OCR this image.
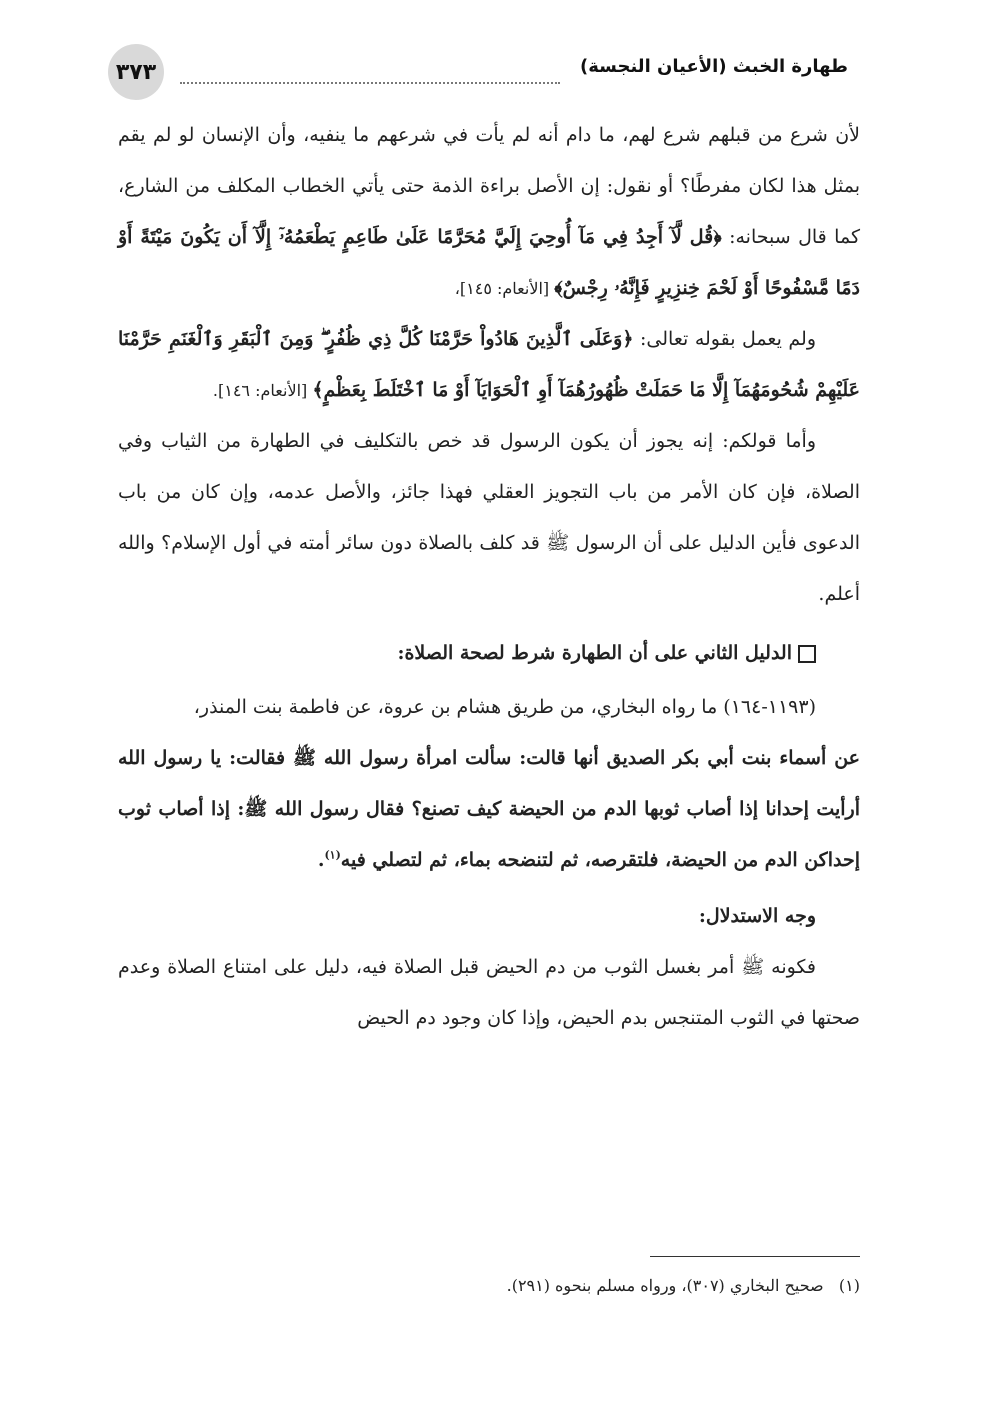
طهارة الخبث (الأعيان النجسة)
٣٧٣

لأن شرع من قبلهم شرع لهم، ما دام أنه لم يأت في شرعهم ما ينفيه، وأن الإنسان لو لم يقم بمثل هذا لكان مفرطًا؟ أو نقول: إن الأصل براءة الذمة حتى يأتي الخطاب المكلف من الشارع، كما قال سبحانه: ﴿قُل لَّآ أَجِدُ فِي مَآ أُوحِيَ إِلَيَّ مُحَرَّمًا عَلَىٰ طَاعِمٍ يَطْعَمُهُۥٓ إِلَّآ أَن يَكُونَ مَيْتَةً أَوْ دَمًا مَّسْفُوحًا أَوْ لَحْمَ خِنزِيرٍ فَإِنَّهُۥ رِجْسٌ﴾ [الأنعام: ١٤٥]،

ولم يعمل بقوله تعالى: ﴿وَعَلَى ٱلَّذِينَ هَادُواْ حَرَّمْنَا كُلَّ ذِي ظُفُرٍ ۖ وَمِنَ ٱلْبَقَرِ وَٱلْغَنَمِ حَرَّمْنَا عَلَيْهِمْ شُحُومَهُمَآ إِلَّا مَا حَمَلَتْ ظُهُورُهُمَآ أَوِ ٱلْحَوَايَآ أَوْ مَا ٱخْتَلَطَ بِعَظْمٍ﴾ [الأنعام: ١٤٦].

وأما قولكم: إنه يجوز أن يكون الرسول قد خص بالتكليف في الطهارة من الثياب وفي الصلاة، فإن كان الأمر من باب التجويز العقلي فهذا جائز، والأصل عدمه، وإن كان من باب الدعوى فأين الدليل على أن الرسول ﷺ قد كلف بالصلاة دون سائر أمته في أول الإسلام؟ والله أعلم.

الدليل الثاني على أن الطهارة شرط لصحة الصلاة:

(١١٩٣-١٦٤) ما رواه البخاري، من طريق هشام بن عروة، عن فاطمة بنت المنذر،

عن أسماء بنت أبي بكر الصديق أنها قالت: سألت امرأة رسول الله ﷺ فقالت: يا رسول الله أرأيت إحدانا إذا أصاب ثوبها الدم من الحيضة كيف تصنع؟ فقال رسول الله ﷺ: إذا أصاب ثوب إحداكن الدم من الحيضة، فلتقرصه، ثم لتنضحه بماء، ثم لتصلي فيه$^{(١)}$.

وجه الاستدلال:

فكونه ﷺ أمر بغسل الثوب من دم الحيض قبل الصلاة فيه، دليل على امتناع الصلاة وعدم صحتها في الثوب المتنجس بدم الحيض، وإذا كان وجود دم الحيض

(١)   صحيح البخاري (٣٠٧)، ورواه مسلم بنحوه (٢٩١).
